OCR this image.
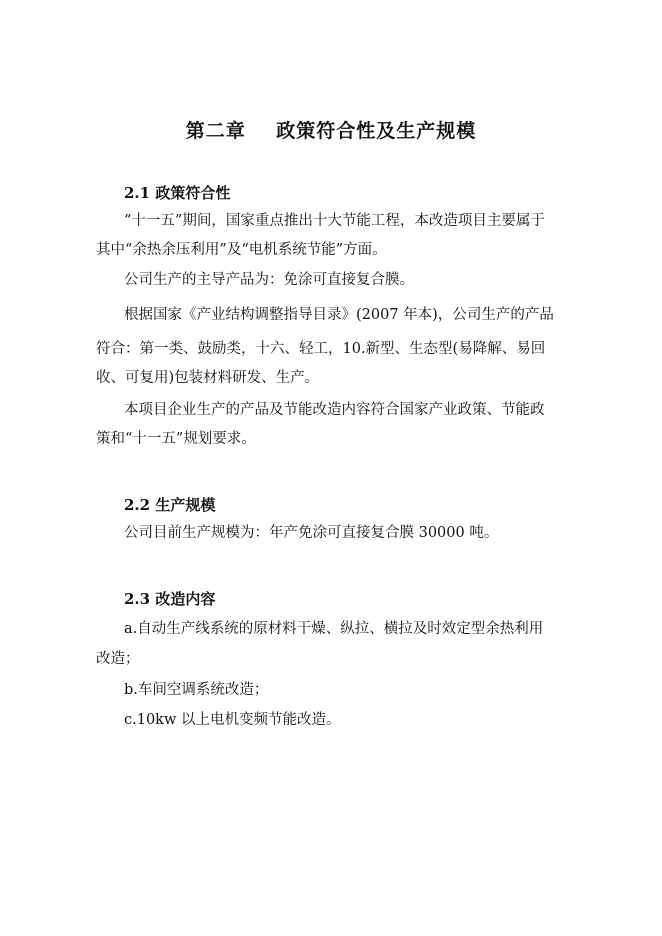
第二章    政策符合性及生产规模
2.1 政策符合性
“十一五”期间，国家重点推出十大节能工程，本改造项目主要属于
其中“余热余压利用”及“电机系统节能”方面。
公司生产的主导产品为：免涂可直接复合膜。
根据国家《产业结构调整指导目录》(2007 年本)，公司生产的产品
符合：第一类、鼓励类，十六、轻工，10.新型、生态型(易降解、易回
收、可复用)包装材料研发、生产。
本项目企业生产的产品及节能改造内容符合国家产业政策、节能政
策和“十一五”规划要求。
2.2 生产规模
公司目前生产规模为：年产免涂可直接复合膜 30000 吨。
2.3 改造内容
a.自动生产线系统的原材料干燥、纵拉、横拉及时效定型余热利用
改造；
b.车间空调系统改造；
c.10kw 以上电机变频节能改造。
